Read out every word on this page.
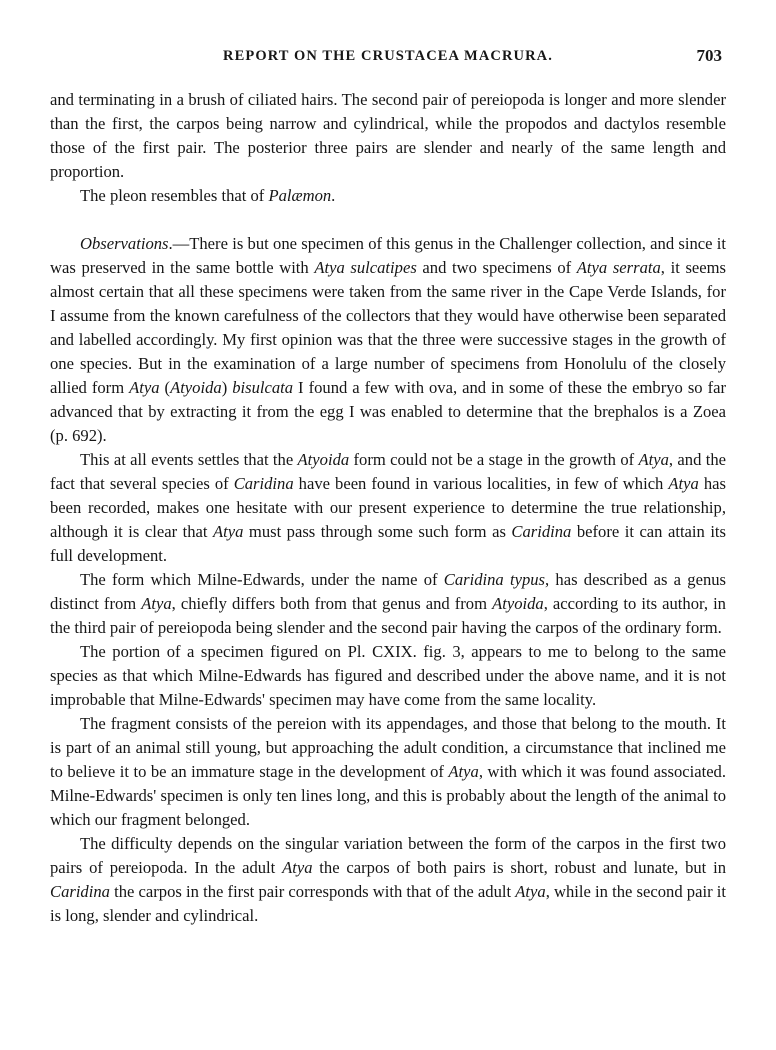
REPORT ON THE CRUSTACEA MACRURA.	703

and terminating in a brush of ciliated hairs. The second pair of pereiopoda is longer and more slender than the first, the carpos being narrow and cylindrical, while the propodos and dactylos resemble those of the first pair. The posterior three pairs are slender and nearly of the same length and proportion.

The pleon resembles that of Palæmon.

Observations.—There is but one specimen of this genus in the Challenger collection, and since it was preserved in the same bottle with Atya sulcatipes and two specimens of Atya serrata, it seems almost certain that all these specimens were taken from the same river in the Cape Verde Islands, for I assume from the known carefulness of the collectors that they would have otherwise been separated and labelled accordingly. My first opinion was that the three were successive stages in the growth of one species. But in the examination of a large number of specimens from Honolulu of the closely allied form Atya (Atyoida) bisulcata I found a few with ova, and in some of these the embryo so far advanced that by extracting it from the egg I was enabled to determine that the brephalos is a Zoea (p. 692).

This at all events settles that the Atyoida form could not be a stage in the growth of Atya, and the fact that several species of Caridina have been found in various localities, in few of which Atya has been recorded, makes one hesitate with our present experience to determine the true relationship, although it is clear that Atya must pass through some such form as Caridina before it can attain its full development.

The form which Milne-Edwards, under the name of Caridina typus, has described as a genus distinct from Atya, chiefly differs both from that genus and from Atyoida, according to its author, in the third pair of pereiopoda being slender and the second pair having the carpos of the ordinary form.

The portion of a specimen figured on Pl. CXIX. fig. 3, appears to me to belong to the same species as that which Milne-Edwards has figured and described under the above name, and it is not improbable that Milne-Edwards' specimen may have come from the same locality.

The fragment consists of the pereion with its appendages, and those that belong to the mouth. It is part of an animal still young, but approaching the adult condition, a circumstance that inclined me to believe it to be an immature stage in the development of Atya, with which it was found associated. Milne-Edwards' specimen is only ten lines long, and this is probably about the length of the animal to which our fragment belonged.

The difficulty depends on the singular variation between the form of the carpos in the first two pairs of pereiopoda. In the adult Atya the carpos of both pairs is short, robust and lunate, but in Caridina the carpos in the first pair corresponds with that of the adult Atya, while in the second pair it is long, slender and cylindrical.
